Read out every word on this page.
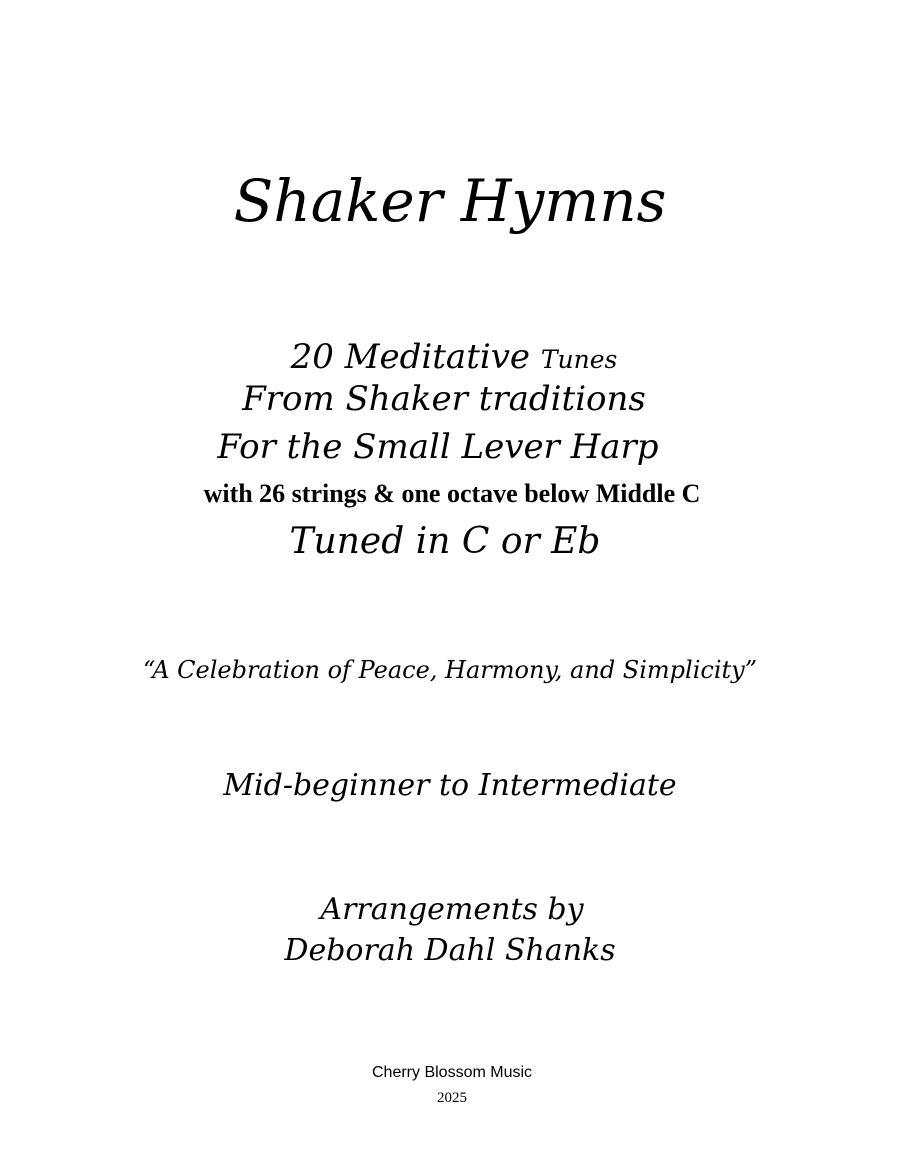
Shaker Hymns
20 Meditative Tunes
From Shaker traditions
For the Small Lever Harp
with 26 strings & one octave below Middle C
Tuned in C or Eb
“A Celebration of Peace, Harmony, and Simplicity”
Mid-beginner to Intermediate
Arrangements by
Deborah Dahl Shanks
Cherry Blossom Music
2025
